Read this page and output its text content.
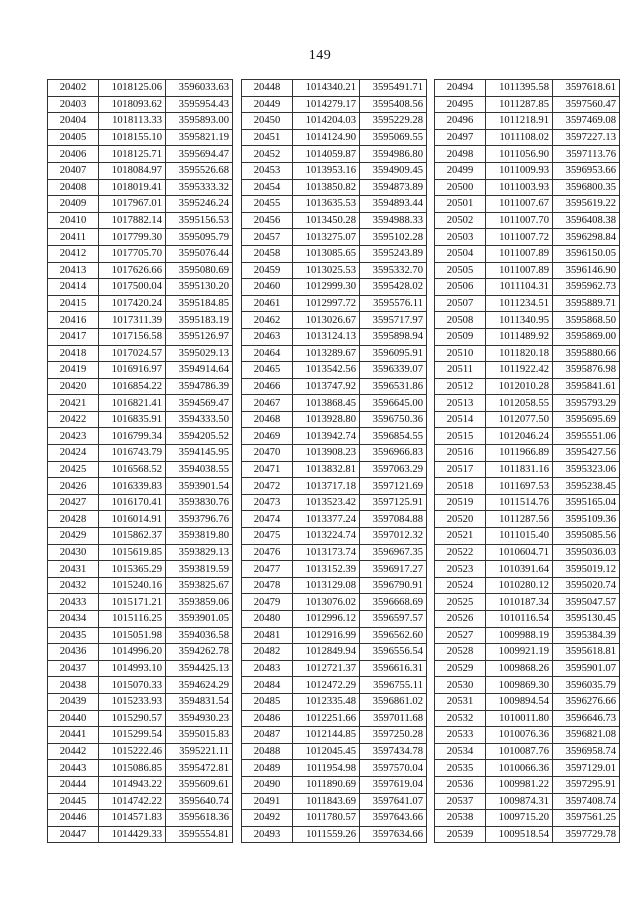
149
20402	1018125.06	3596033.63
20403	1018093.62	3595954.43
20404	1018113.33	3595893.00
20405	1018155.10	3595821.19
20406	1018125.71	3595694.47
20407	1018084.97	3595526.68
20408	1018019.41	3595333.32
20409	1017967.01	3595246.24
20410	1017882.14	3595156.53
20411	1017799.30	3595095.79
20412	1017705.70	3595076.44
20413	1017626.66	3595080.69
20414	1017500.04	3595130.20
20415	1017420.24	3595184.85
20416	1017311.39	3595183.19
20417	1017156.58	3595126.97
20418	1017024.57	3595029.13
20419	1016916.97	3594914.64
20420	1016854.22	3594786.39
20421	1016821.41	3594569.47
20422	1016835.91	3594333.50
20423	1016799.34	3594205.52
20424	1016743.79	3594145.95
20425	1016568.52	3594038.55
20426	1016339.83	3593901.54
20427	1016170.41	3593830.76
20428	1016014.91	3593796.76
20429	1015862.37	3593819.80
20430	1015619.85	3593829.13
20431	1015365.29	3593819.59
20432	1015240.16	3593825.67
20433	1015171.21	3593859.06
20434	1015116.25	3593901.05
20435	1015051.98	3594036.58
20436	1014996.20	3594262.78
20437	1014993.10	3594425.13
20438	1015070.33	3594624.29
20439	1015233.93	3594831.54
20440	1015290.57	3594930.23
20441	1015299.54	3595015.83
20442	1015222.46	3595221.11
20443	1015086.85	3595472.81
20444	1014943.22	3595609.61
20445	1014742.22	3595640.74
20446	1014571.83	3595618.36
20447	1014429.33	3595554.81
20448	1014340.21	3595491.71
20449	1014279.17	3595408.56
20450	1014204.03	3595229.28
20451	1014124.90	3595069.55
20452	1014059.87	3594986.80
20453	1013953.16	3594909.45
20454	1013850.82	3594873.89
20455	1013635.53	3594893.44
20456	1013450.28	3594988.33
20457	1013275.07	3595102.28
20458	1013085.65	3595243.89
20459	1013025.53	3595332.70
20460	1012999.30	3595428.02
20461	1012997.72	3595576.11
20462	1013026.67	3595717.97
20463	1013124.13	3595898.94
20464	1013289.67	3596095.91
20465	1013542.56	3596339.07
20466	1013747.92	3596531.86
20467	1013868.45	3596645.00
20468	1013928.80	3596750.36
20469	1013942.74	3596854.55
20470	1013908.23	3596966.83
20471	1013832.81	3597063.29
20472	1013717.18	3597121.69
20473	1013523.42	3597125.91
20474	1013377.24	3597084.88
20475	1013224.74	3597012.32
20476	1013173.74	3596967.35
20477	1013152.39	3596917.27
20478	1013129.08	3596790.91
20479	1013076.02	3596668.69
20480	1012996.12	3596597.57
20481	1012916.99	3596562.60
20482	1012849.94	3596556.54
20483	1012721.37	3596616.31
20484	1012472.29	3596755.11
20485	1012335.48	3596861.02
20486	1012251.66	3597011.68
20487	1012144.85	3597250.28
20488	1012045.45	3597434.78
20489	1011954.98	3597570.04
20490	1011890.69	3597619.04
20491	1011843.69	3597641.07
20492	1011780.57	3597643.66
20493	1011559.26	3597634.66
20494	1011395.58	3597618.61
20495	1011287.85	3597560.47
20496	1011218.91	3597469.08
20497	1011108.02	3597227.13
20498	1011056.90	3597113.76
20499	1011009.93	3596953.66
20500	1011003.93	3596800.35
20501	1011007.67	3595619.22
20502	1011007.70	3596408.38
20503	1011007.72	3596298.84
20504	1011007.89	3596150.05
20505	1011007.89	3596146.90
20506	1011104.31	3595962.73
20507	1011234.51	3595889.71
20508	1011340.95	3595868.50
20509	1011489.92	3595869.00
20510	1011820.18	3595880.66
20511	1011922.42	3595876.98
20512	1012010.28	3595841.61
20513	1012058.55	3595793.29
20514	1012077.50	3595695.69
20515	1012046.24	3595551.06
20516	1011966.89	3595427.56
20517	1011831.16	3595323.06
20518	1011697.53	3595238.45
20519	1011514.76	3595165.04
20520	1011287.56	3595109.36
20521	1011015.40	3595085.56
20522	1010604.71	3595036.03
20523	1010391.64	3595019.12
20524	1010280.12	3595020.74
20525	1010187.34	3595047.57
20526	1010116.54	3595130.45
20527	1009988.19	3595384.39
20528	1009921.19	3595618.81
20529	1009868.26	3595901.07
20530	1009869.30	3596035.79
20531	1009894.54	3596276.66
20532	1010011.80	3596646.73
20533	1010076.36	3596821.08
20534	1010087.76	3596958.74
20535	1010066.36	3597129.01
20536	1009981.22	3597295.91
20537	1009874.31	3597408.74
20538	1009715.20	3597561.25
20539	1009518.54	3597729.78
